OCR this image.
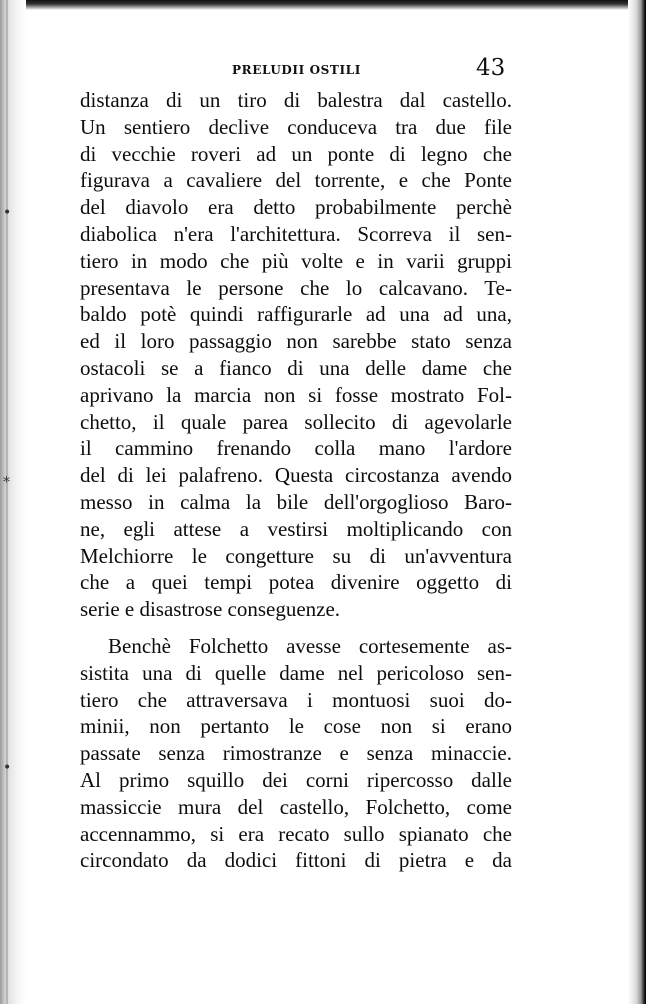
•
⁎
•
PRELUDII OSTILI	43
distanza di un tiro di balestra dal castello.
Un sentiero declive conduceva tra due file
di vecchie roveri ad un ponte di legno che
figurava a cavaliere del torrente, e che Ponte
del diavolo era detto probabilmente perchè
diabolica n'era l'architettura. Scorreva il sen-
tiero in modo che più volte e in varii gruppi
presentava le persone che lo calcavano. Te-
baldo potè quindi raffigurarle ad una ad una,
ed il loro passaggio non sarebbe stato senza
ostacoli se a fianco di una delle dame che
aprivano la marcia non si fosse mostrato Fol-
chetto, il quale parea sollecito di agevolarle
il cammino frenando colla mano l'ardore
del di lei palafreno. Questa circostanza avendo
messo in calma la bile dell'orgoglioso Baro-
ne, egli attese a vestirsi moltiplicando con
Melchiorre le congetture su di un'avventura
che a quei tempi potea divenire oggetto di
serie e disastrose conseguenze.
Benchè Folchetto avesse cortesemente as-
sistita una di quelle dame nel pericoloso sen-
tiero che attraversava i montuosi suoi do-
minii, non pertanto le cose non si erano
passate senza rimostranze e senza minaccie.
Al primo squillo dei corni ripercosso dalle
massiccie mura del castello, Folchetto, come
accennammo, si era recato sullo spianato che
circondato da dodici fittoni di pietra e da
